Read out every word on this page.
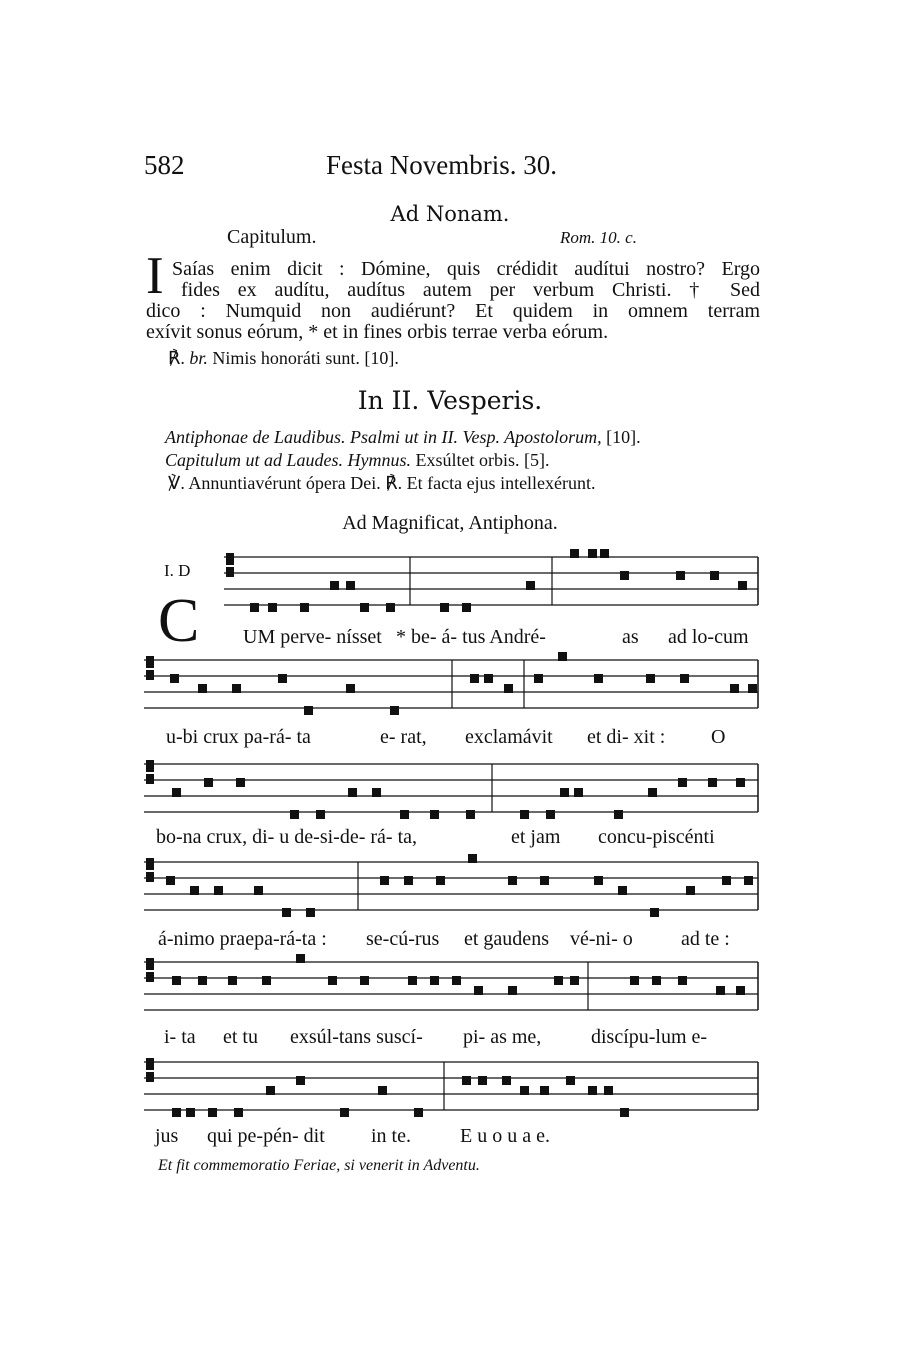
582	Festa Novembris. 30.
Ad Nonam.
Capitulum.	Rom. 10. c.
I Saías enim dicit : Dómine, quis crédidit audítui nostro? Ergo
fides ex audítu, audítus autem per verbum Christi. † Sed
dico : Numquid non audiérunt? Et quidem in omnem terram
exívit sonus eórum, * et in fines orbis terrae verba eórum.
℟. br. Nimis honoráti sunt. [10].
In II. Vesperis.
Antiphonae de Laudibus. Psalmi ut in II. Vesp. Apostolorum, [10].
Capitulum ut ad Laudes. Hymnus. Exsúltet orbis. [5].
℣. Annuntiavérunt ópera Dei. ℟. Et facta ejus intellexérunt.
Ad Magnificat, Antiphona.
I. D
C UM perve- nísset * be- á- tus André-	as ad lo-cum
u-bi crux pa-rá- ta	e- rat, exclamávit et di- xit : O
bo-na crux, di- u de-si-de- rá- ta,	et jam concu-piscénti
á-nimo praepa-rá-ta : se-cú-rus et gaudens vé-ni- o ad te :
i- ta et tu exsúl-tans suscí- pi- as me, discípu-lum e-
jus qui pe-pén- dit in te. E u o u a e.
Et fit commemoratio Feriae, si venerit in Adventu.
